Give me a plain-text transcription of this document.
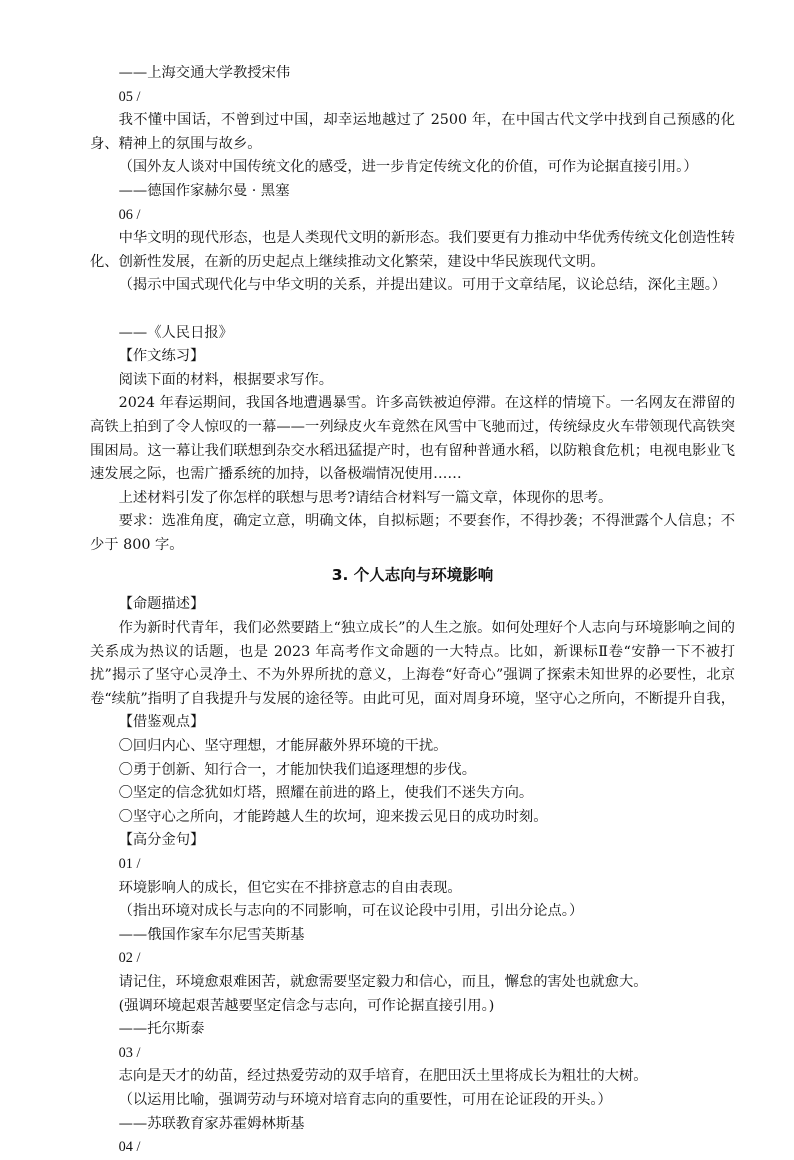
——上海交通大学教授宋伟
05 /
我不懂中国话，不曾到过中国，却幸运地越过了 2500 年，在中国古代文学中找到自己预感的化身、精神上的氛围与故乡。
（国外友人谈对中国传统文化的感受，进一步肯定传统文化的价值，可作为论据直接引用。）
——德国作家赫尔曼 · 黑塞
06 /
中华文明的现代形态，也是人类现代文明的新形态。我们要更有力推动中华优秀传统文化创造性转化、创新性发展，在新的历史起点上继续推动文化繁荣，建设中华民族现代文明。
（揭示中国式现代化与中华文明的关系，并提出建议。可用于文章结尾，议论总结，深化主题。）
——《人民日报》
【作文练习】
阅读下面的材料，根据要求写作。
2024 年春运期间，我国各地遭遇暴雪。许多高铁被迫停滞。在这样的情境下。一名网友在滞留的高铁上拍到了令人惊叹的一幕——一列绿皮火车竟然在风雪中飞驰而过，传统绿皮火车带领现代高铁突围困局。这一幕让我们联想到杂交水稻迅猛提产时，也有留种普通水稻，以防粮食危机；电视电影业飞速发展之际，也需广播系统的加持，以备极端情况使用……
上述材料引发了你怎样的联想与思考?请结合材料写一篇文章，体现你的思考。
要求：选准角度，确定立意，明确文体，自拟标题；不要套作，不得抄袭；不得泄露个人信息；不少于 800 字。
3. 个人志向与环境影响
【命题描述】
作为新时代青年，我们必然要踏上“独立成长”的人生之旅。如何处理好个人志向与环境影响之间的关系成为热议的话题，也是 2023 年高考作文命题的一大特点。比如，新课标Ⅱ卷“安静一下不被打扰”揭示了坚守心灵净土、不为外界所扰的意义，上海卷“好奇心”强调了探索未知世界的必要性，北京卷“续航”指明了自我提升与发展的途径等。由此可见，面对周身环境，坚守心之所向，不断提升自我，
【借鉴观点】
〇回归内心、坚守理想，才能屏蔽外界环境的干扰。
〇勇于创新、知行合一，才能加快我们追逐理想的步伐。
〇坚定的信念犹如灯塔，照耀在前进的路上，使我们不迷失方向。
〇坚守心之所向，才能跨越人生的坎坷，迎来拨云见日的成功时刻。
【高分金句】
01 /
环境影响人的成长，但它实在不排挤意志的自由表现。
（指出环境对成长与志向的不同影响，可在议论段中引用，引出分论点。）
——俄国作家车尔尼雪芙斯基
02 /
请记住，环境愈艰难困苦，就愈需要坚定毅力和信心，而且，懈怠的害处也就愈大。
(强调环境起艰苦越要坚定信念与志向，可作论据直接引用。)
——托尔斯泰
03 /
志向是天才的幼苗，经过热爱劳动的双手培育，在肥田沃土里将成长为粗壮的大树。
（以运用比喻，强调劳动与环境对培育志向的重要性，可用在论证段的开头。）
——苏联教育家苏霍姆林斯基
04 /
